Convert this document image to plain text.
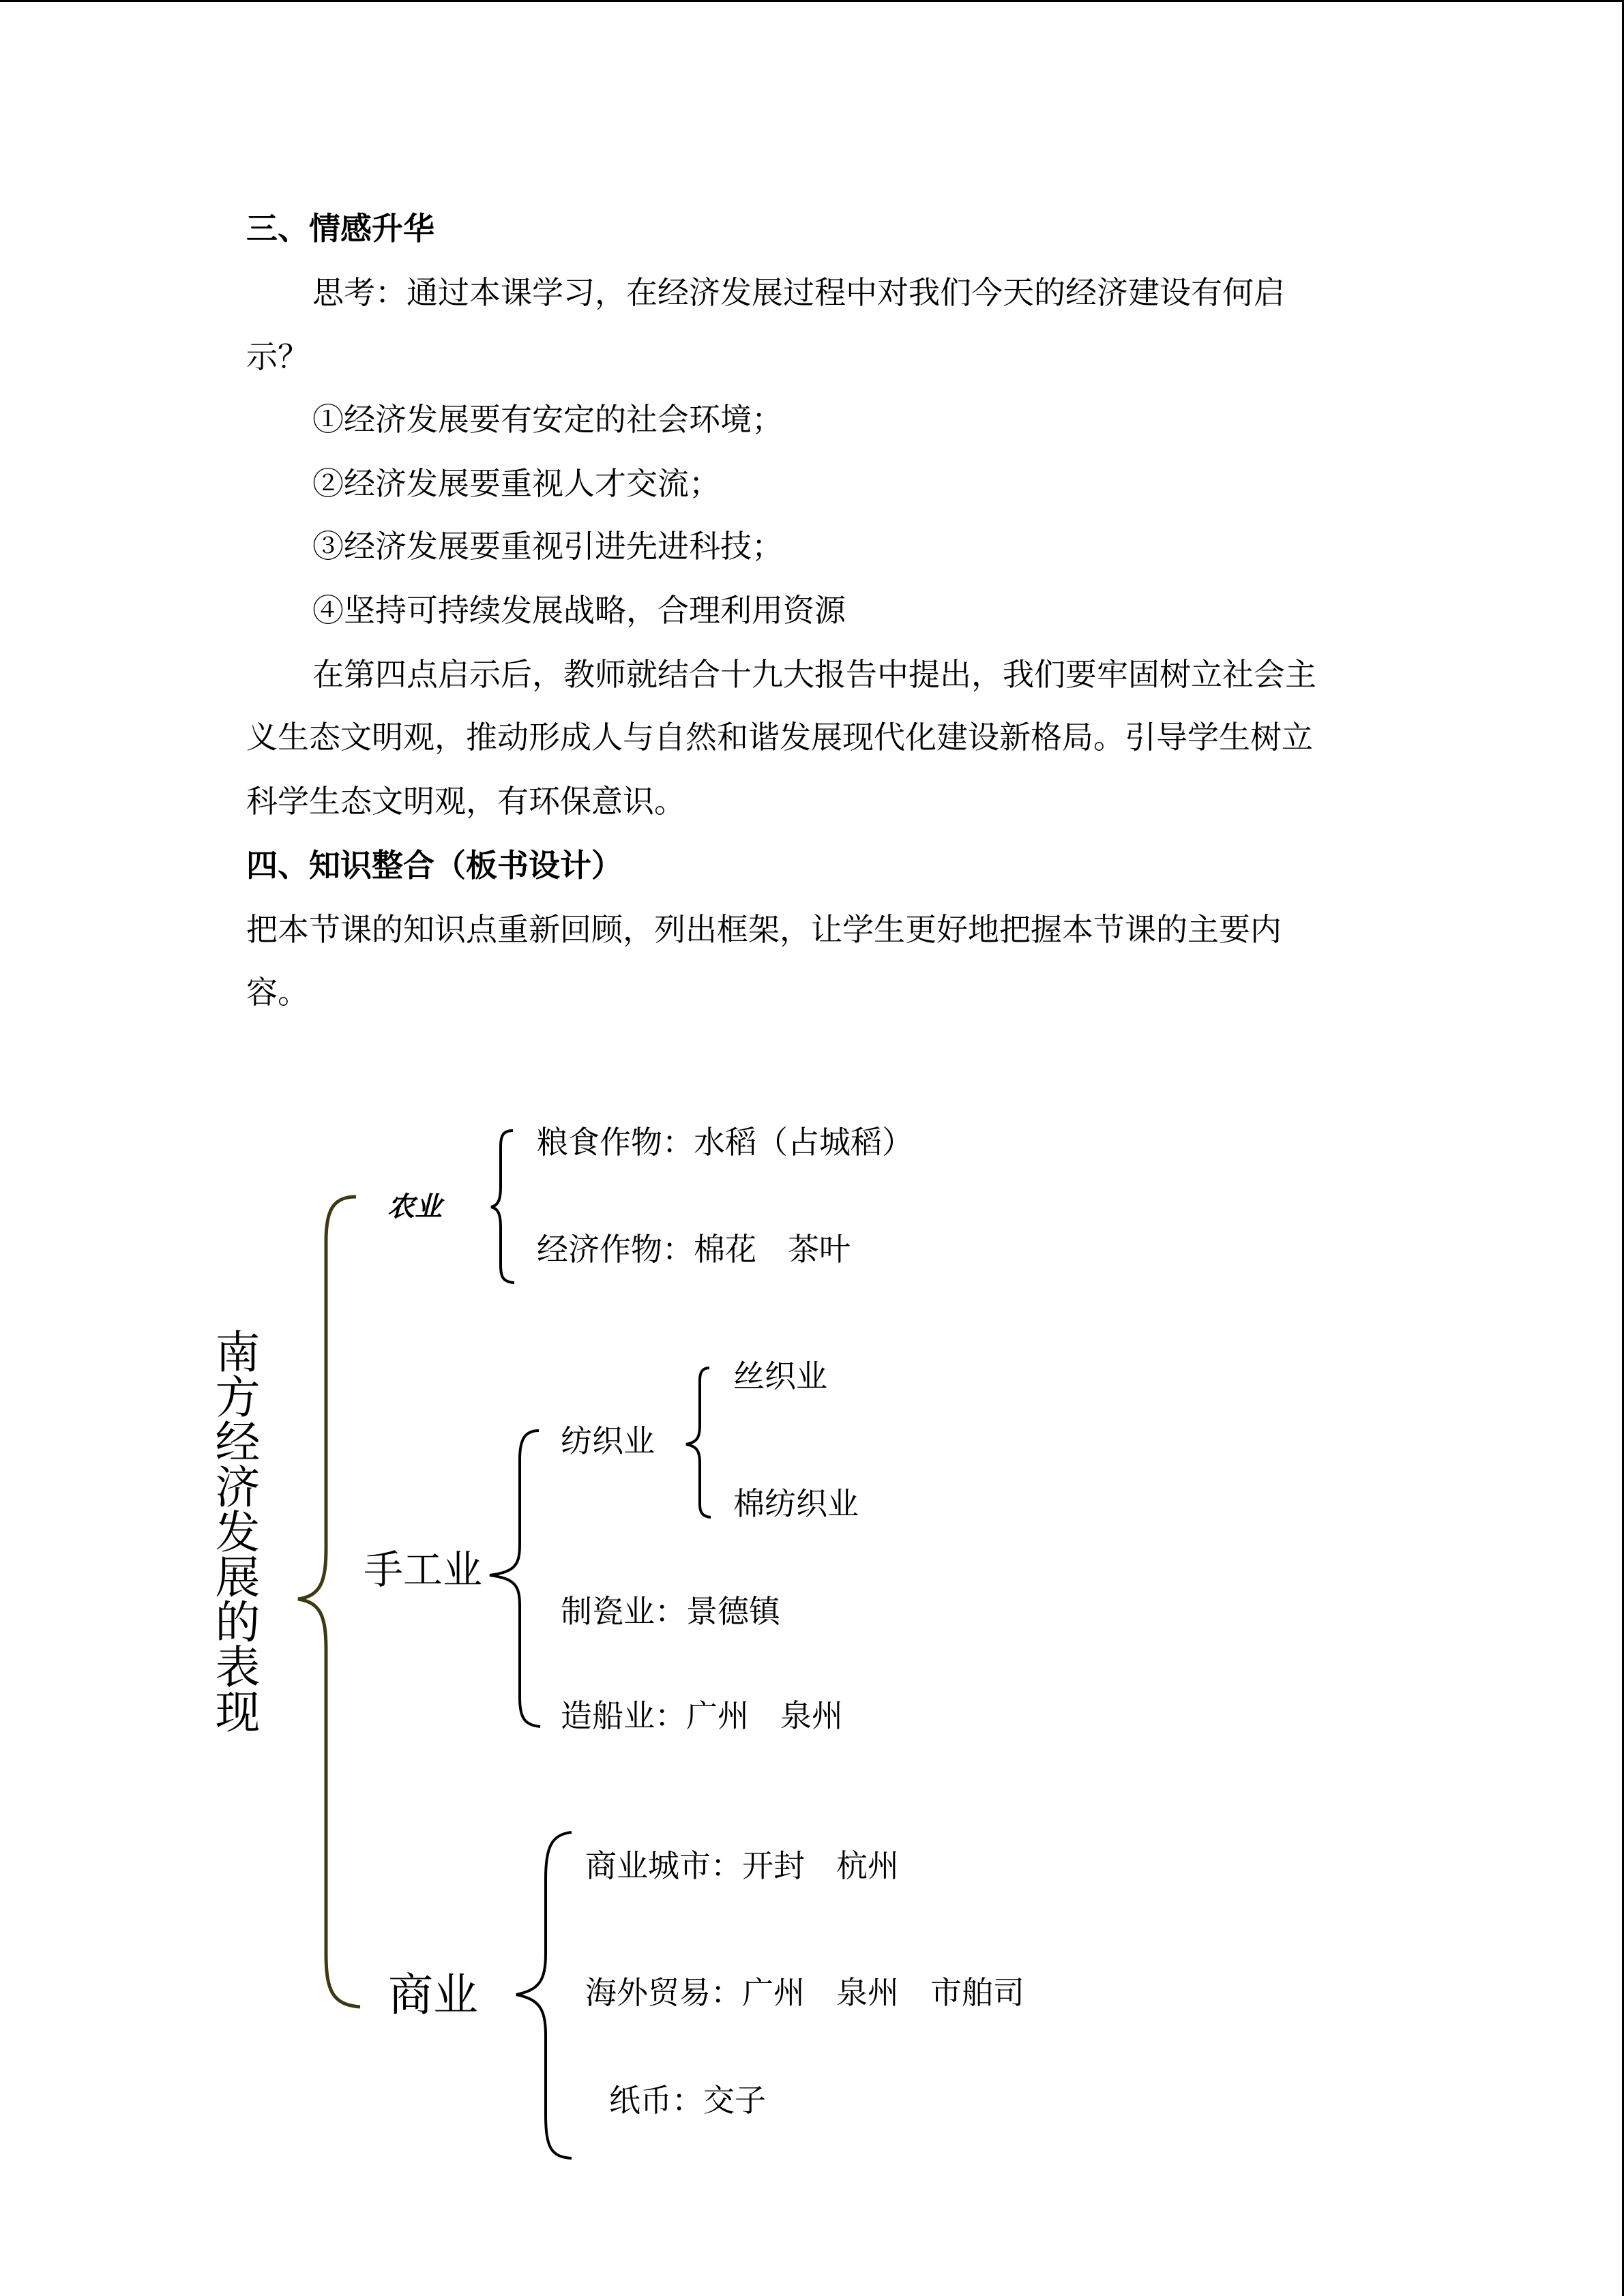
三、情感升华

思考：通过本课学习，在经济发展过程中对我们今天的经济建设有何启

示？

①经济发展要有安定的社会环境；

②经济发展要重视人才交流；

③经济发展要重视引进先进科技；

④坚持可持续发展战略，合理利用资源

在第四点启示后，教师就结合十九大报告中提出，我们要牢固树立社会主

义生态文明观，推动形成人与自然和谐发展现代化建设新格局。引导学生树立

科学生态文明观，有环保意识。

四、知识整合（板书设计）

把本节课的知识点重新回顾，列出框架，让学生更好地把握本节课的主要内

容。

南方经济发展的表现
农业
粮食作物：水稻（占城稻）
经济作物：棉花　茶叶
手工业
纺织业
丝织业
棉纺织业
制瓷业：景德镇
造船业：广州　泉州
商业
商业城市：开封　杭州
海外贸易：广州　泉州　市舶司
纸币：交子
